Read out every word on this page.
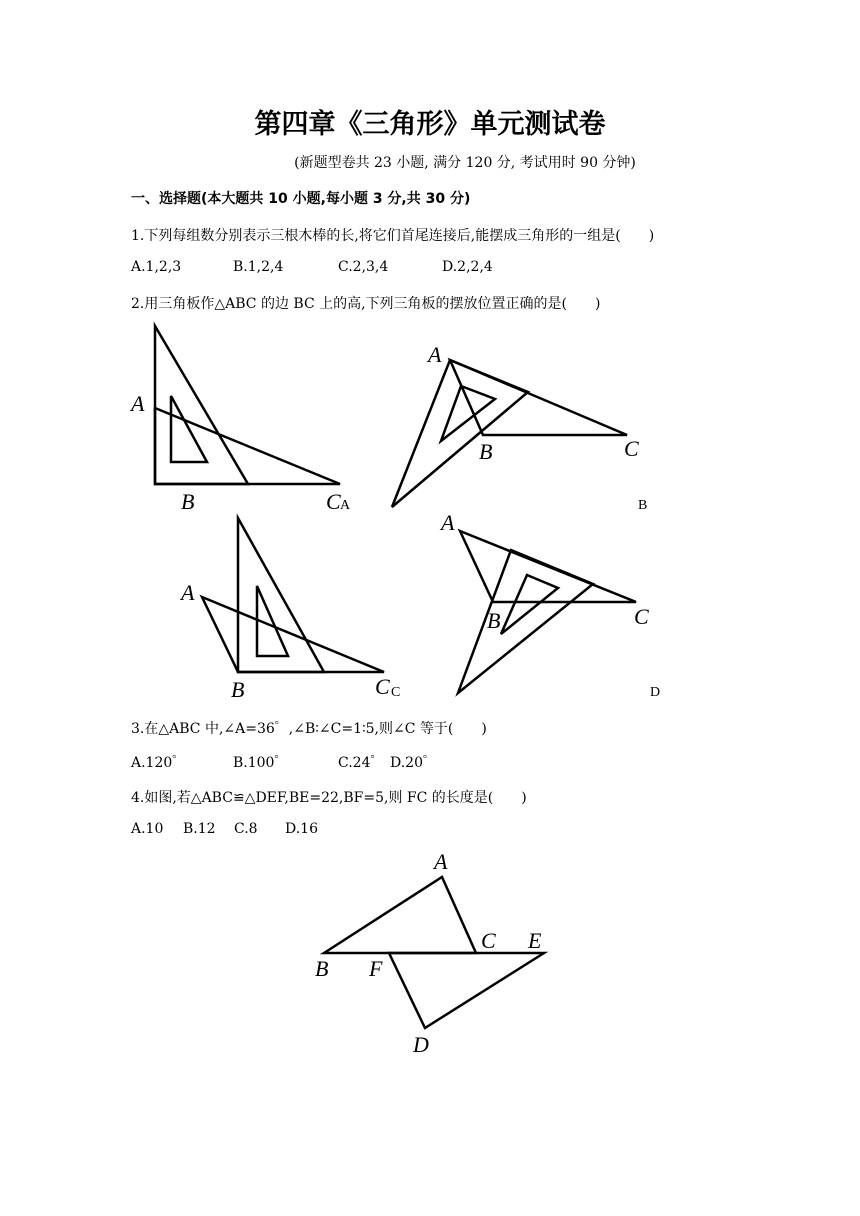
第四章《三角形》单元测试卷
(新题型卷共 23 小题, 满分 120 分, 考试用时 90 分钟)
一、选择题(本大题共 10 小题,每小题 3 分,共 30 分)
1.下列每组数分别表示三根木棒的长,将它们首尾连接后,能摆成三角形的一组是(　　)
A.1,2,3	B.1,2,4	C.2,3,4	D.2,2,4
2.用三角板作△ABC 的边 BC 上的高,下列三角板的摆放位置正确的是(　　)
A
B	C A
A
B	C
B
A
B	C C
A
B	C
D
A
B
C
D
E
F
3.在△ABC 中,∠A=36゜,∠B∶∠C=1∶5,则∠C 等于(　　)
A.120゜	B.100゜	C.24゜ D.20゜
4.如图,若△ABC≌△DEF,BE=22,BF=5,则 FC 的长度是(　　)
A.10 B.12 C.8 D.16
